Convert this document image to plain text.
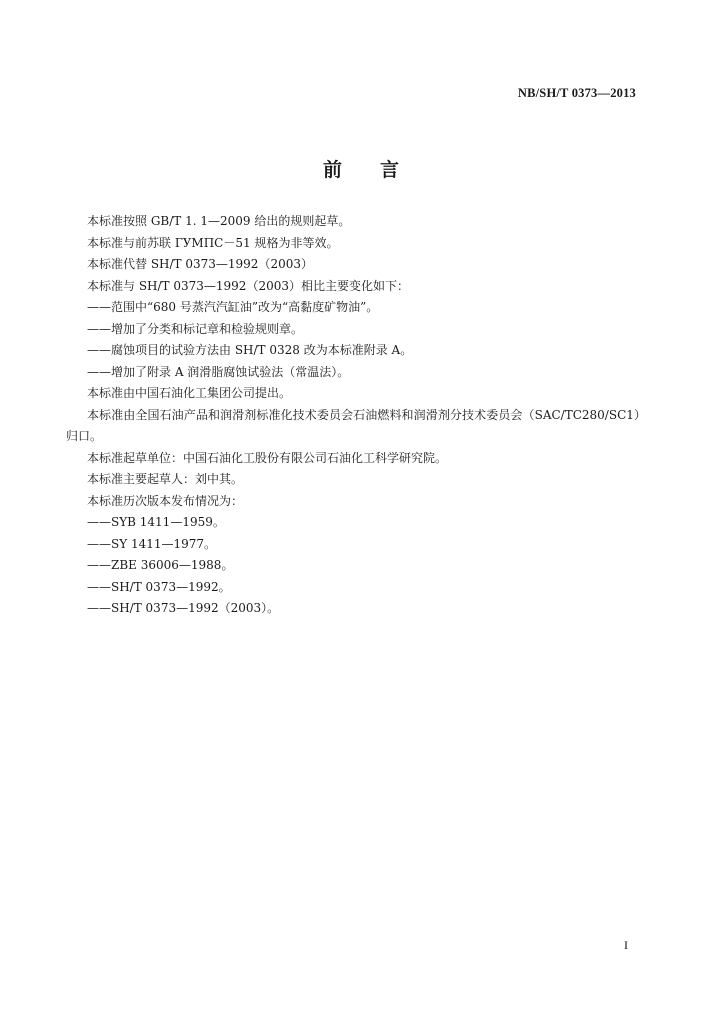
NB/SH/T 0373—2013
前 言
本标准按照 GB/T 1. 1—2009 给出的规则起草。
本标准与前苏联 ГУМПС－51 规格为非等效。
本标准代替 SH/T 0373—1992（2003）
本标准与 SH/T 0373—1992（2003）相比主要变化如下：
——范围中“680 号蒸汽汽缸油”改为“高黏度矿物油”。
——增加了分类和标记章和检验规则章。
——腐蚀项目的试验方法由 SH/T 0328 改为本标准附录 A。
——增加了附录 A 润滑脂腐蚀试验法（常温法）。
本标准由中国石油化工集团公司提出。
本标准由全国石油产品和润滑剂标准化技术委员会石油燃料和润滑剂分技术委员会（SAC/TC280/SC1）归口。
本标准起草单位：中国石油化工股份有限公司石油化工科学研究院。
本标准主要起草人：刘中其。
本标准历次版本发布情况为：
——SYB 1411—1959。
——SY 1411—1977。
——ZBE 36006—1988。
——SH/T 0373—1992。
——SH/T 0373—1992（2003）。
I
